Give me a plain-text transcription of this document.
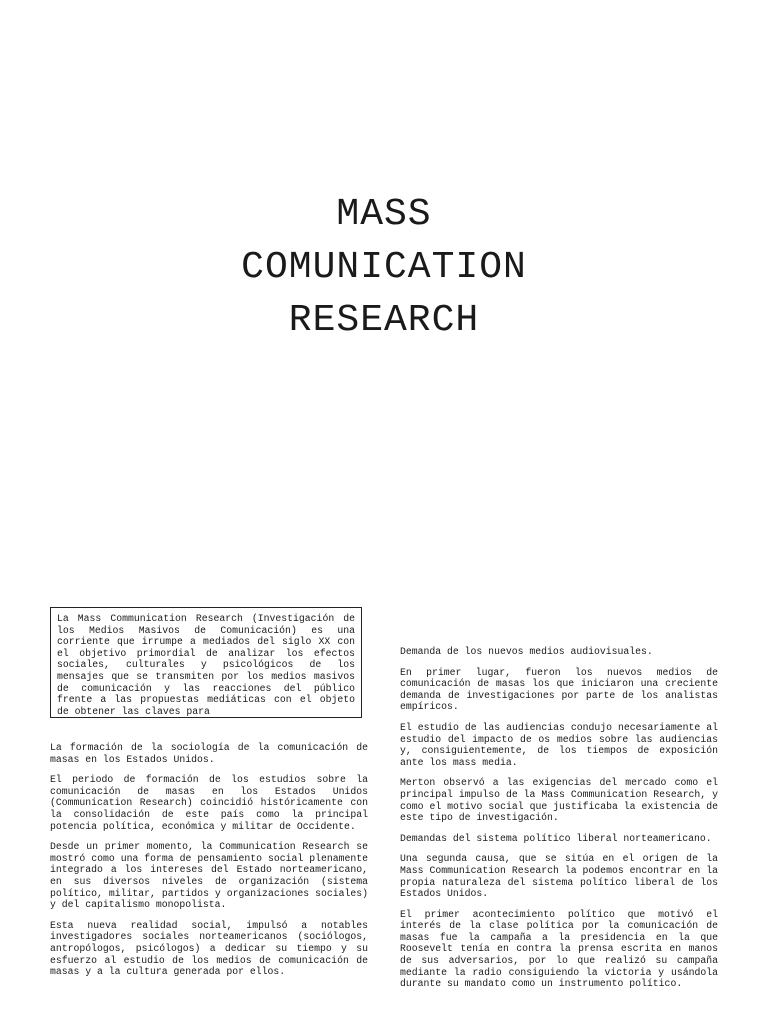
MASS
COMUNICATION
RESEARCH

La Mass Communication Research (Investigación de los Medios Masivos de Comunicación) es una corriente que irrumpe a mediados del siglo XX con el objetivo primordial de analizar los efectos sociales, culturales y psicológicos de los mensajes que se transmiten por los medios masivos de comunicación y las reacciones del público frente a las propuestas mediáticas con el objeto de obtener las claves para

La formación de la sociología de la comunicación de masas en los Estados Unidos.

El periodo de formación de los estudios sobre la comunicación de masas en los Estados Unidos (Communication Research) coincidió históricamente con la consolidación de este país como la principal potencia política, económica y militar de Occidente.

Desde un primer momento, la Communication Research se mostró como una forma de pensamiento social plenamente integrado a los intereses del Estado norteamericano, en sus diversos niveles de organización (sistema político, militar, partidos y organizaciones sociales) y del capitalismo monopolista.

Esta nueva realidad social, impulsó a notables investigadores sociales norteamericanos (sociólogos, antropólogos, psicólogos) a dedicar su tiempo y su esfuerzo al estudio de los medios de comunicación de masas y a la cultura generada por ellos.

Demanda de los nuevos medios audiovisuales.

En primer lugar, fueron los nuevos medios de comunicación de masas los que iniciaron una creciente demanda de investigaciones por parte de los analistas empíricos.

El estudio de las audiencias condujo necesariamente al estudio del impacto de os medios sobre las audiencias y, consiguientemente, de los tiempos de exposición ante los mass media.

Merton observó a las exigencias del mercado como el principal impulso de la Mass Communication Research, y como el motivo social que justificaba la existencia de este tipo de investigación.

Demandas del sistema político liberal norteamericano.

Una segunda causa, que se sitúa en el origen de la Mass Communication Research la podemos encontrar en la propia naturaleza del sistema político liberal de los Estados Unidos.

El primer acontecimiento político que motivó el interés de la clase política por la comunicación de masas fue la campaña a la presidencia en la que Roosevelt tenía en contra la prensa escrita en manos de sus adversarios, por lo que realizó su campaña mediante la radio consiguiendo la victoria y usándola durante su mandato como un instrumento político.
